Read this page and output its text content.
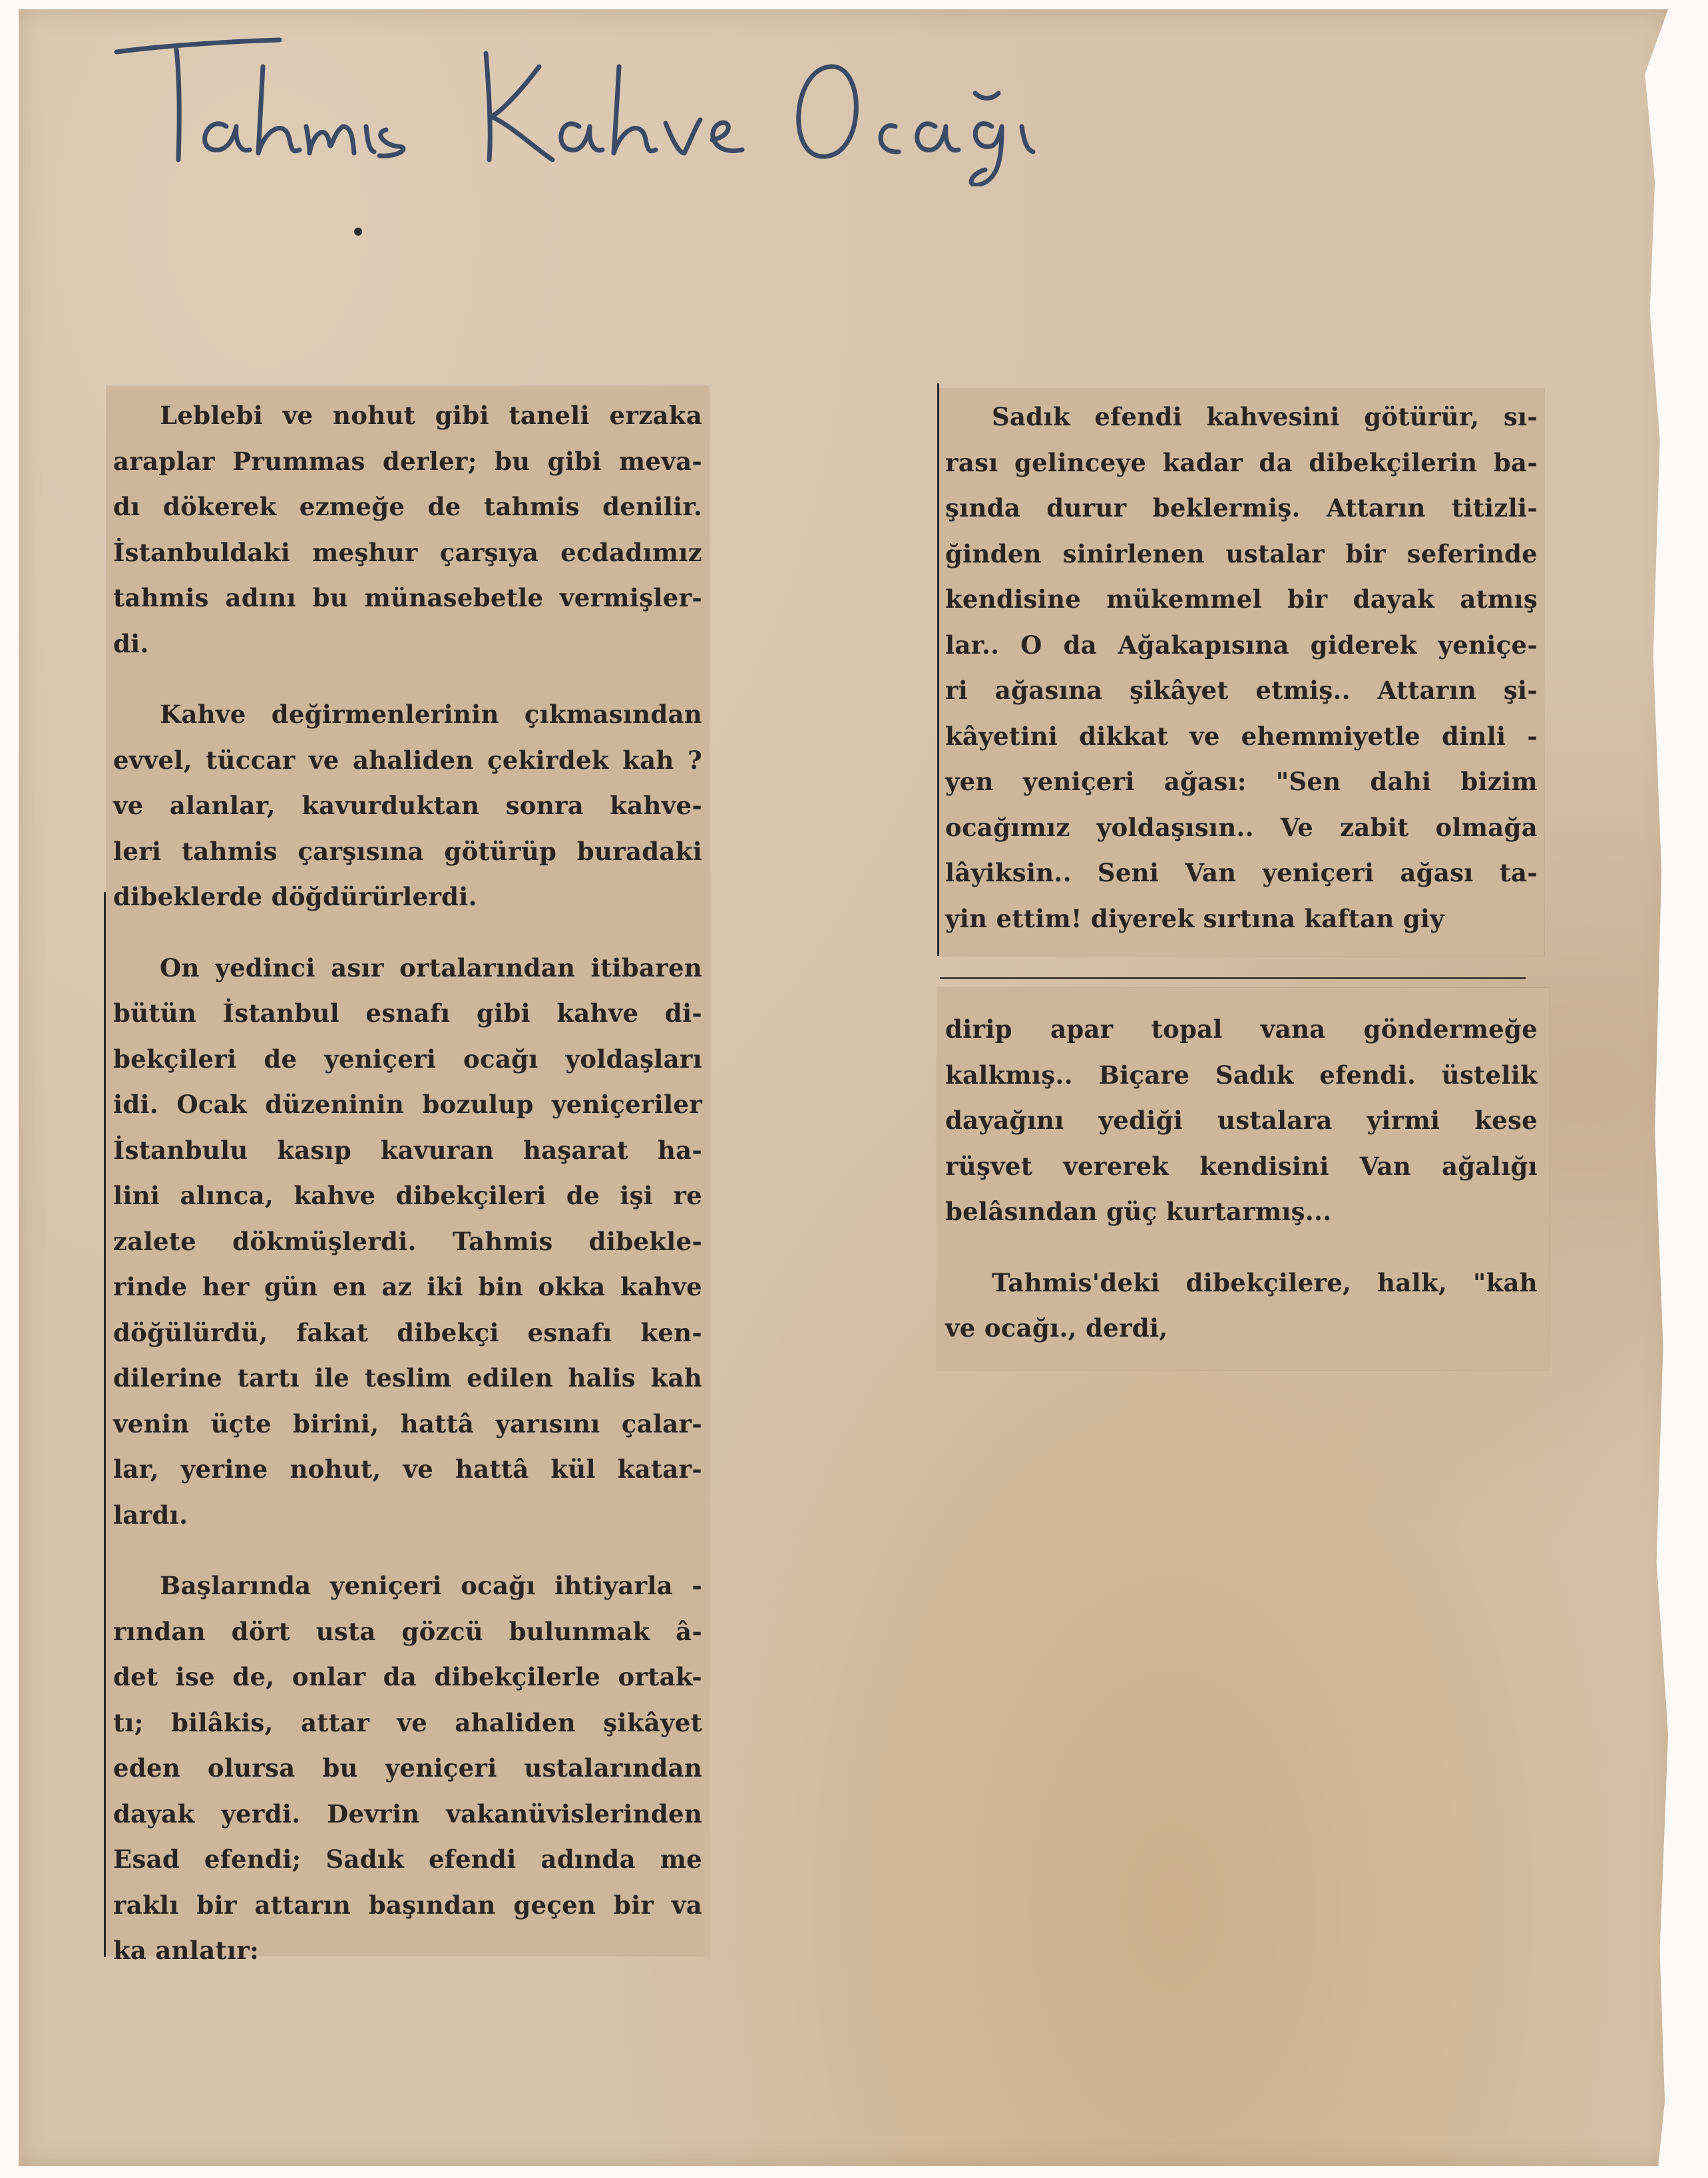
Leblebi ve nohut gibi taneli erzaka

araplar Prummas derler; bu gibi meva-

dı dökerek ezmeğe de tahmis denilir.

İstanbuldaki meşhur çarşıya ecdadımız

tahmis adını bu münasebetle vermişler-

di.

Kahve değirmenlerinin çıkmasından

evvel, tüccar ve ahaliden çekirdek kah ?

ve alanlar, kavurduktan sonra kahve-

leri tahmis çarşısına götürüp buradaki

dibeklerde döğdürürlerdi.

On yedinci asır ortalarından itibaren

bütün İstanbul esnafı gibi kahve di-

bekçileri de yeniçeri ocağı yoldaşları

idi. Ocak düzeninin bozulup yeniçeriler

İstanbulu kasıp kavuran haşarat ha-

lini alınca, kahve dibekçileri de işi re

zalete dökmüşlerdi. Tahmis dibekle-

rinde her gün en az iki bin okka kahve

döğülürdü, fakat dibekçi esnafı ken-

dilerine tartı ile teslim edilen halis kah

venin üçte birini, hattâ yarısını çalar-

lar, yerine nohut, ve hattâ kül katar-

lardı.

Başlarında yeniçeri ocağı ihtiyarla -

rından dört usta gözcü bulunmak â-

det ise de, onlar da dibekçilerle ortak-

tı; bilâkis, attar ve ahaliden şikâyet

eden olursa bu yeniçeri ustalarından

dayak yerdi. Devrin vakanüvislerinden

Esad efendi; Sadık efendi adında me

raklı bir attarın başından geçen bir va

ka anlatır:

Sadık efendi kahvesini götürür, sı-

rası gelinceye kadar da dibekçilerin ba-

şında durur beklermiş. Attarın titizli-

ğinden sinirlenen ustalar bir seferinde

kendisine mükemmel bir dayak atmış

lar.. O da Ağakapısına giderek yeniçe-

ri ağasına şikâyet etmiş.. Attarın şi-

kâyetini dikkat ve ehemmiyetle dinli -

yen yeniçeri ağası: "Sen dahi bizim

ocağımız yoldaşısın.. Ve zabit olmağa

lâyiksin.. Seni Van yeniçeri ağası ta-

yin ettim! diyerek sırtına kaftan giy

dirip apar topal vana göndermeğe

kalkmış.. Biçare Sadık efendi. üstelik

dayağını yediği ustalara yirmi kese

rüşvet vererek kendisini Van ağalığı

belâsından güç kurtarmış...

Tahmis'deki dibekçilere, halk, "kah

ve ocağı., derdi,
